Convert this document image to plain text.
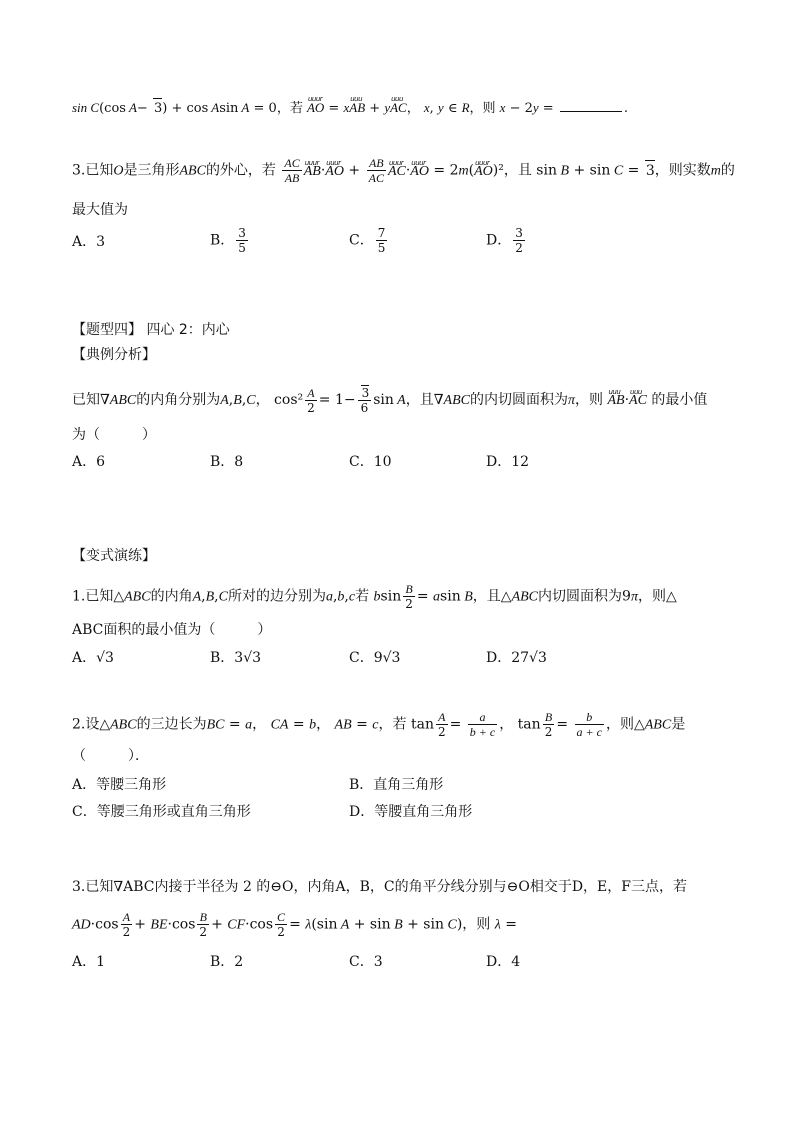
sin C(cos A− 3) + cos Asin A = 0，若 uuur AO = xuuu AB + yuuu AC， x, y ∈ R，则 x − 2y =	.
3.已知O是三角形ABC的外心，若 $\frac{AC}{AB}$ uuur AB·uuur AO + $\frac{AB}{AC}$ uuur AC·uuur AO = 2m(uuur AO)²，且 sin B + sin C = 3，则实数m的
最大值为
A．3	B． $\frac{3}{5}$	C． $\frac{7}{5}$	D． $\frac{3}{2}$
【题型四】 四心 2：内心
【典例分析】
已知∇ABC的内角分别为A,B,C， $\cos^2 \frac{A}{2} = 1- \frac{3}{6}$ sin A，且∇ABC的内切圆面积为π，则 uuu AB·uuu AC 的最小值
为（　　　）
A．6	B．8	C．10	D．12
【变式演练】
1.已知△ABC的内角A,B,C所对的边分别为a,b,c若 bsin $\frac{B}{2} = asin$ B，且△ABC内切圆面积为9π，则△
ABC面积的最小值为（　　　）
A．√3	B．3√3	C．9√3	D．27√3
2.设△ABC的三边长为BC = a， CA = b， AB = c，若 $\tan \frac{A}{2} = \frac{a}{b + c}$ ， $\tan \frac{B}{2} = \frac{b}{a + c}$ ，则△ABC是
（　　　）．
A．等腰三角形	B．直角三角形
C．等腰三角形或直角三角形	D．等腰直角三角形
3.已知∇ABC内接于半径为 2 的⊖O，内角A，B，C的角平分线分别与⊖O相交于D，E，F三点，若
$AD\cdot\cos \frac{A}{2} + BE\cdot\cos \frac{B}{2} + CF\cdot\cos \frac{C}{2} = \lambda(\sin$ A + sin B + sin C)，则 λ =
A．1	B．2	C．3	D．4
